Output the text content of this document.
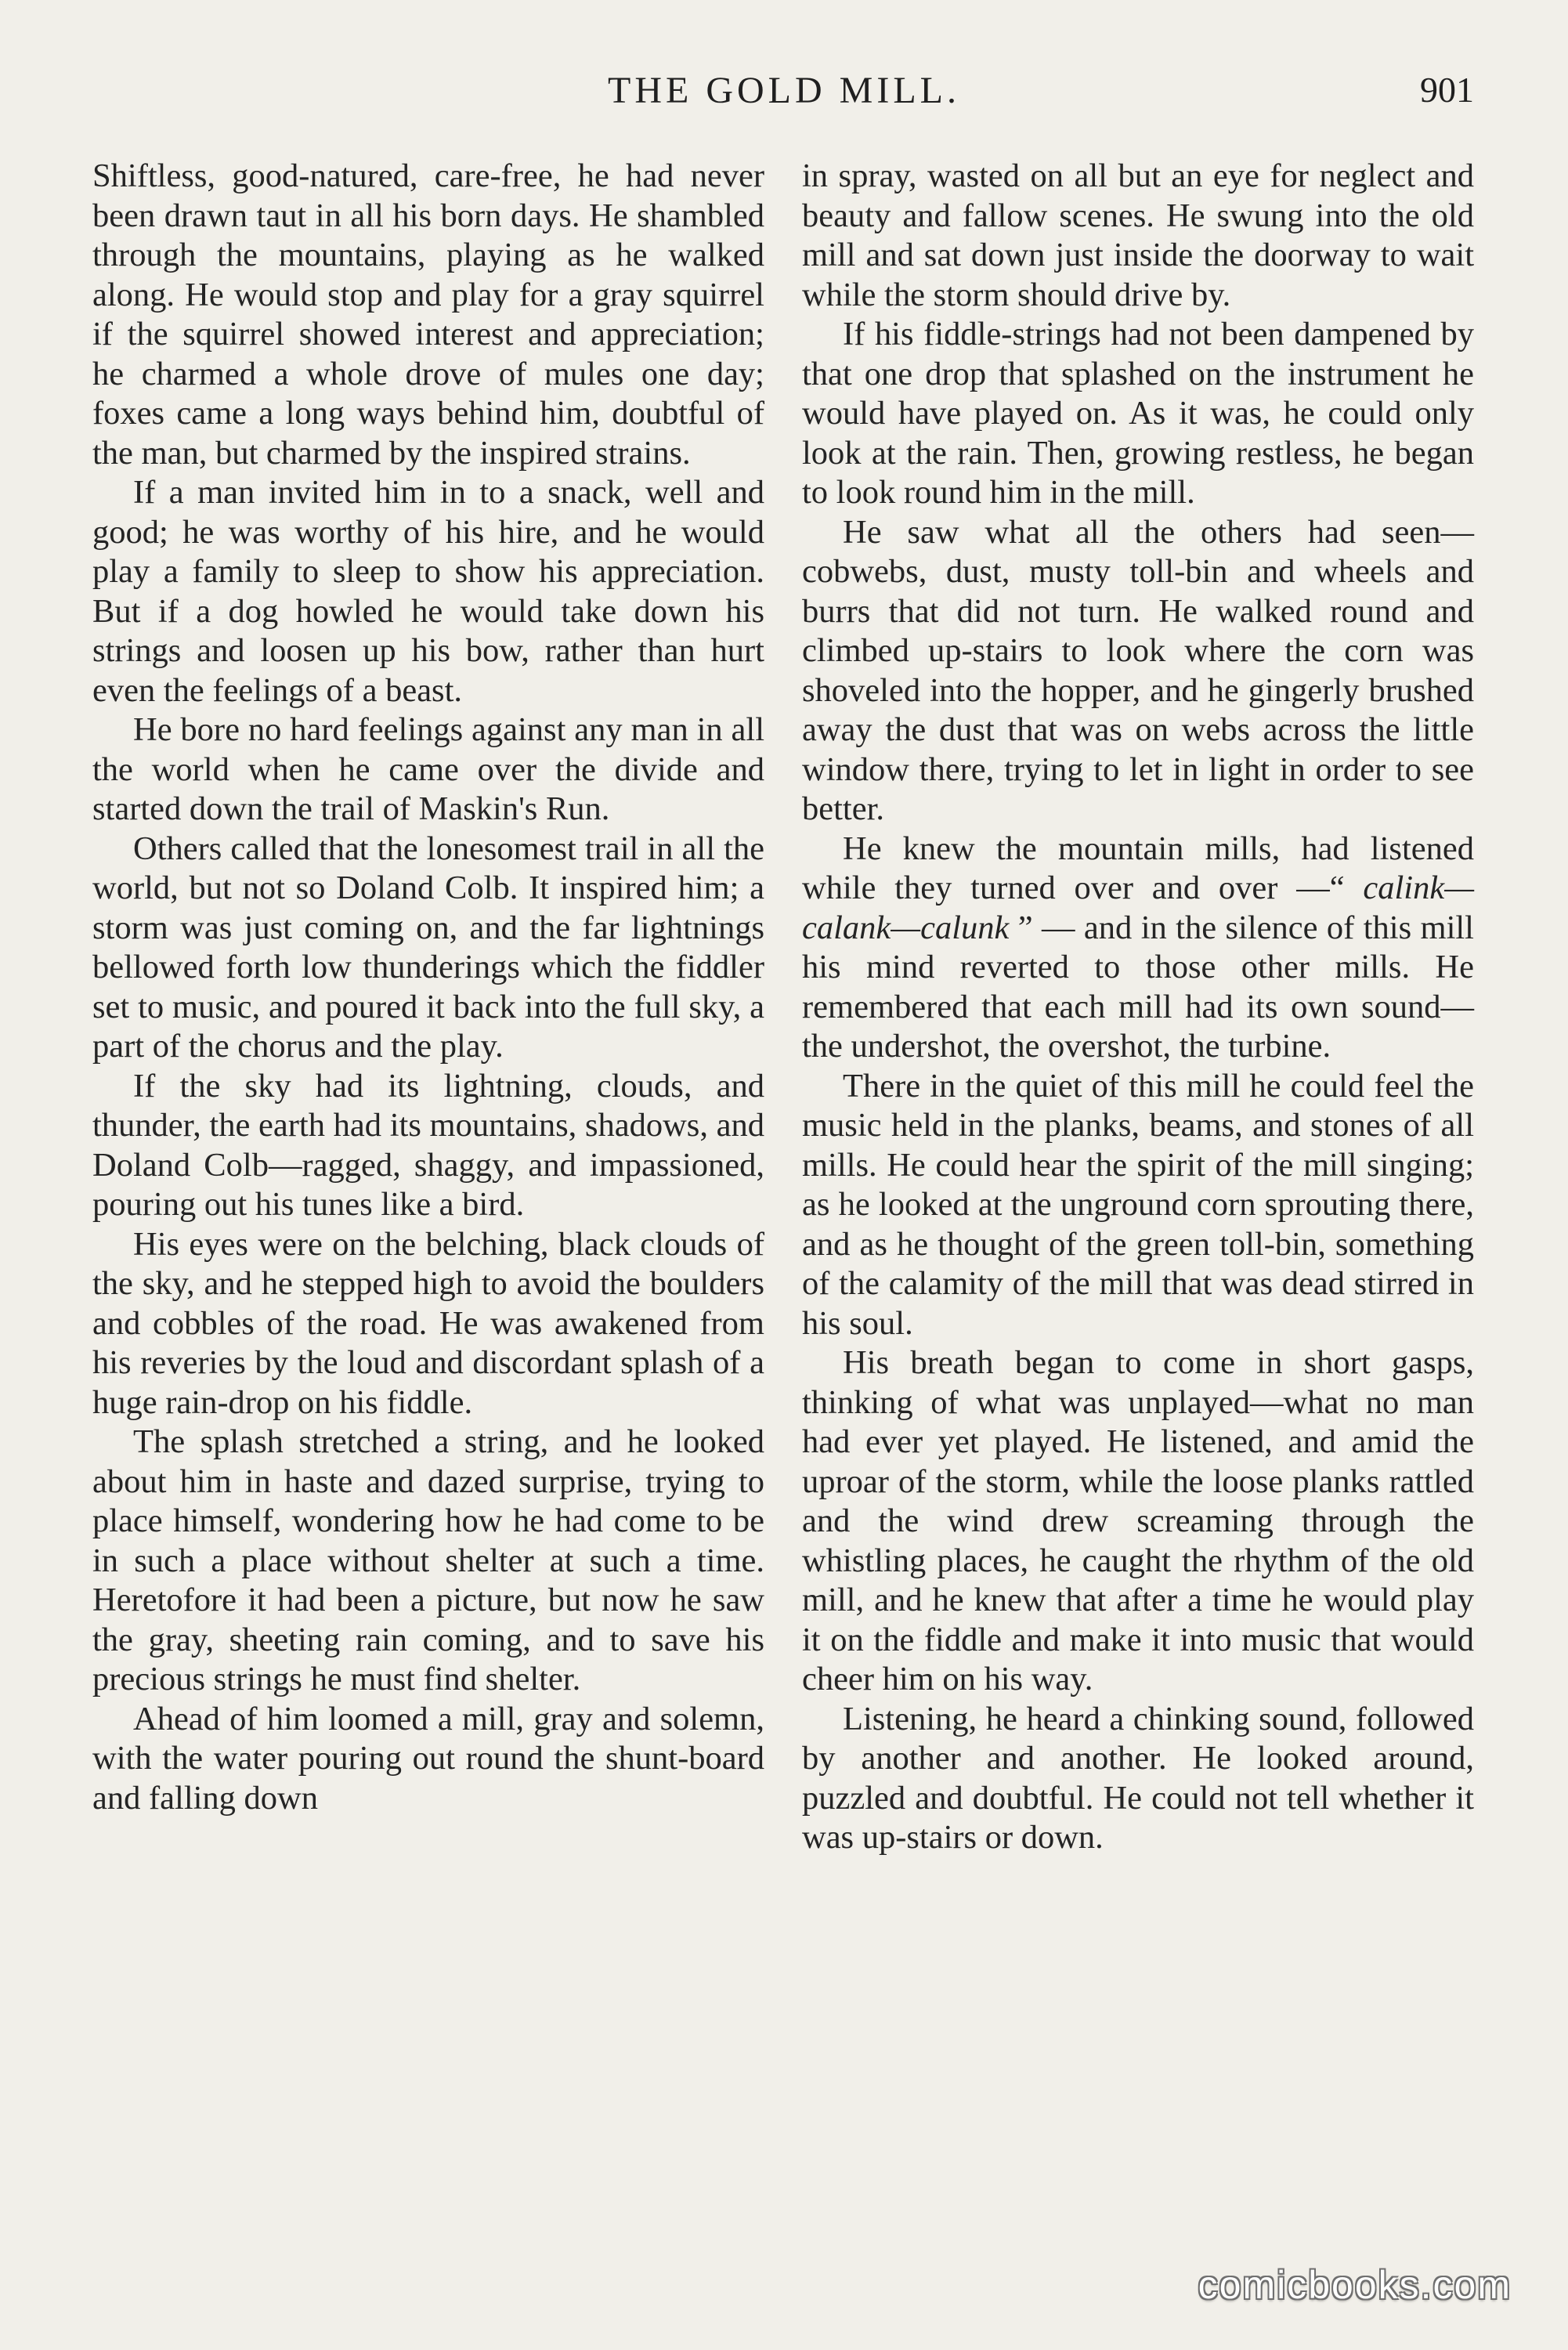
THE GOLD MILL.	901

Shiftless, good-natured, care-free, he had never been drawn taut in all his born days. He shambled through the mountains, playing as he walked along. He would stop and play for a gray squirrel if the squirrel showed interest and appreciation; he charmed a whole drove of mules one day; foxes came a long ways behind him, doubtful of the man, but charmed by the inspired strains.

If a man invited him in to a snack, well and good; he was worthy of his hire, and he would play a family to sleep to show his appreciation. But if a dog howled he would take down his strings and loosen up his bow, rather than hurt even the feelings of a beast.

He bore no hard feelings against any man in all the world when he came over the divide and started down the trail of Maskin's Run.

Others called that the lonesomest trail in all the world, but not so Doland Colb. It inspired him; a storm was just coming on, and the far lightnings bellowed forth low thunderings which the fiddler set to music, and poured it back into the full sky, a part of the chorus and the play.

If the sky had its lightning, clouds, and thunder, the earth had its mountains, shadows, and Doland Colb—ragged, shaggy, and impassioned, pouring out his tunes like a bird.

His eyes were on the belching, black clouds of the sky, and he stepped high to avoid the boulders and cobbles of the road. He was awakened from his reveries by the loud and discordant splash of a huge rain-drop on his fiddle.

The splash stretched a string, and he looked about him in haste and dazed surprise, trying to place himself, wondering how he had come to be in such a place without shelter at such a time. Heretofore it had been a picture, but now he saw the gray, sheeting rain coming, and to save his precious strings he must find shelter.

Ahead of him loomed a mill, gray and solemn, with the water pouring out round the shunt-board and falling down

in spray, wasted on all but an eye for neglect and beauty and fallow scenes. He swung into the old mill and sat down just inside the doorway to wait while the storm should drive by.

If his fiddle-strings had not been dampened by that one drop that splashed on the instrument he would have played on. As it was, he could only look at the rain. Then, growing restless, he began to look round him in the mill.

He saw what all the others had seen—cobwebs, dust, musty toll-bin and wheels and burrs that did not turn. He walked round and climbed up-stairs to look where the corn was shoveled into the hopper, and he gingerly brushed away the dust that was on webs across the little window there, trying to let in light in order to see better.

He knew the mountain mills, had listened while they turned over and over —“ calink—calank—calunk ” — and in the silence of this mill his mind reverted to those other mills. He remembered that each mill had its own sound—the undershot, the overshot, the turbine.

There in the quiet of this mill he could feel the music held in the planks, beams, and stones of all mills. He could hear the spirit of the mill singing; as he looked at the unground corn sprouting there, and as he thought of the green toll-bin, something of the calamity of the mill that was dead stirred in his soul.

His breath began to come in short gasps, thinking of what was unplayed—what no man had ever yet played. He listened, and amid the uproar of the storm, while the loose planks rattled and the wind drew screaming through the whistling places, he caught the rhythm of the old mill, and he knew that after a time he would play it on the fiddle and make it into music that would cheer him on his way.

Listening, he heard a chinking sound, followed by another and another. He looked around, puzzled and doubtful. He could not tell whether it was up-stairs or down.

comicbooks.com
